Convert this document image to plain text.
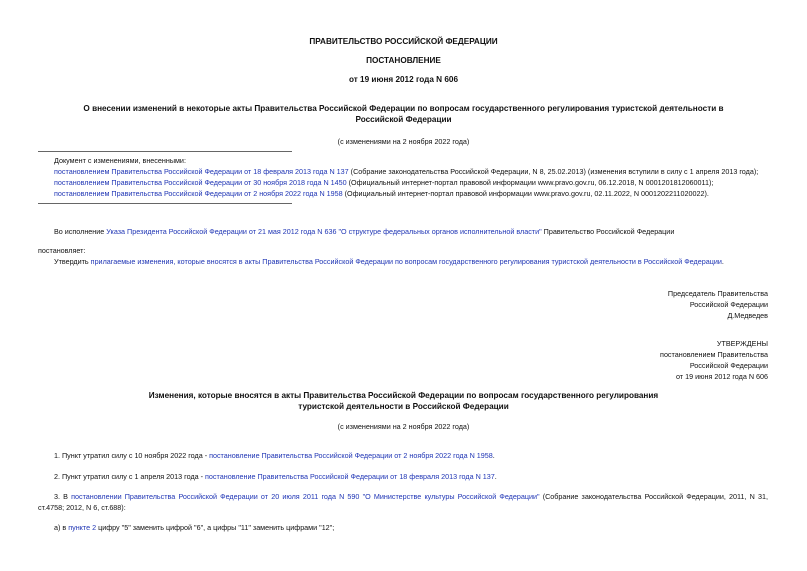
ПРАВИТЕЛЬСТВО РОССИЙСКОЙ ФЕДЕРАЦИИ
ПОСТАНОВЛЕНИЕ
от 19 июня 2012 года N 606
О внесении изменений в некоторые акты Правительства Российской Федерации по вопросам государственного регулирования туристской деятельности в
Российской Федерации
(с изменениями на 2 ноября 2022 года)
Документ с изменениями, внесенными:
постановлением Правительства Российской Федерации от 18 февраля 2013 года N 137 (Собрание законодательства Российской Федерации, N 8, 25.02.2013) (изменения вступили в силу с 1 апреля 2013 года);
постановлением Правительства Российской Федерации от 30 ноября 2018 года N 1450 (Официальный интернет-портал правовой информации www.pravo.gov.ru, 06.12.2018, N 0001201812060011);
постановлением Правительства Российской Федерации от 2 ноября 2022 года N 1958 (Официальный интернет-портал правовой информации www.pravo.gov.ru, 02.11.2022, N 0001202211020022).
Во исполнение Указа Президента Российской Федерации от 21 мая 2012 года N 636 "О структуре федеральных органов исполнительной власти" Правительство Российской Федерации
постановляет:
Утвердить прилагаемые изменения, которые вносятся в акты Правительства Российской Федерации по вопросам государственного регулирования туристской деятельности в Российской Федерации.
Председатель Правительства
Российской Федерации
Д.Медведев
УТВЕРЖДЕНЫ
постановлением Правительства
Российской Федерации
от 19 июня 2012 года N 606
Изменения, которые вносятся в акты Правительства Российской Федерации по вопросам государственного регулирования
туристской деятельности в Российской Федерации
(с изменениями на 2 ноября 2022 года)
1. Пункт утратил силу с 10 ноября 2022 года - постановление Правительства Российской Федерации от 2 ноября 2022 года N 1958.
2. Пункт утратил силу с 1 апреля 2013 года - постановление Правительства Российской Федерации от 18 февраля 2013 года N 137.
3. В постановлении Правительства Российской Федерации от 20 июля 2011 года N 590 "О Министерстве культуры Российской Федерации" (Собрание законодательства Российской Федерации, 2011, N 31,
ст.4758; 2012, N 6, ст.688):
а) в пункте 2 цифру "5" заменить цифрой "6", а цифры "11" заменить цифрами "12";
